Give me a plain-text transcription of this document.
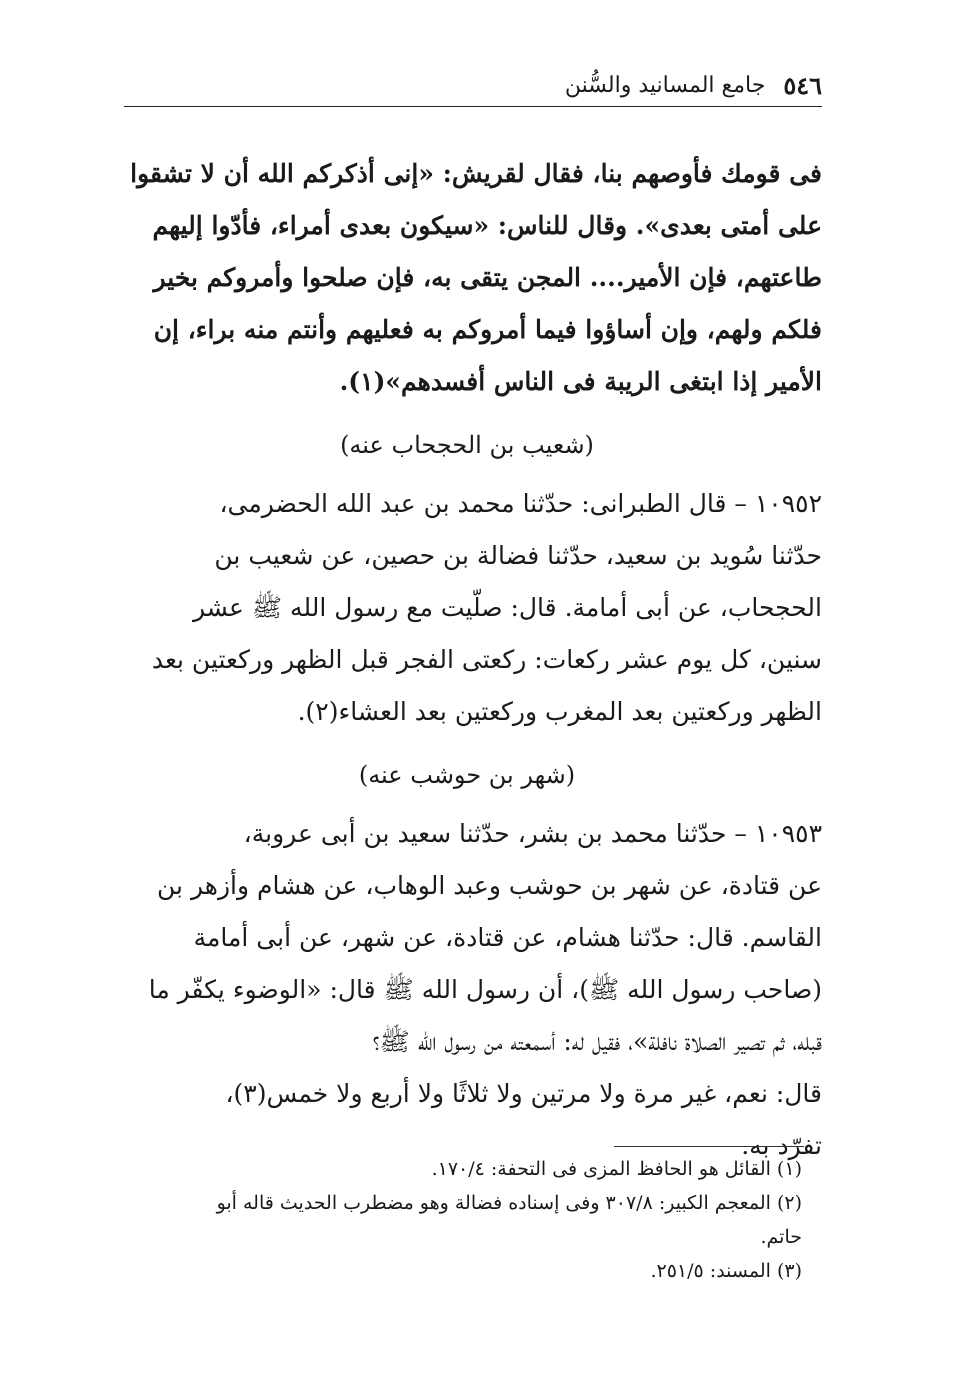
٥٤٦
جامع المسانيد والسُّنن
فى قومك فأوصهم بنا، فقال لقريش: «إنى أذكركم الله أن لا تشقوا
على أمتى بعدى». وقال للناس: «سيكون بعدى أمراء، فأدّوا إليهم
طاعتهم، فإن الأمير.... المجن يتقى به، فإن صلحوا وأمروكم بخير
فلكم ولهم، وإن أساؤوا فيما أمروكم به فعليهم وأنتم منه براء، إن
الأمير إذا ابتغى الريبة فى الناس أفسدهم»(١).
(شعيب بن الحجحاب عنه)
١٠٩٥٢ – قال الطبرانى: حدّثنا محمد بن عبد الله الحضرمى،
حدّثنا سُويد بن سعيد، حدّثنا فضالة بن حصين، عن شعيب بن
الحجحاب، عن أبى أمامة. قال: صلّيت مع رسول الله ﷺ عشر
سنين، كل يوم عشر ركعات: ركعتى الفجر قبل الظهر وركعتين بعد
الظهر وركعتين بعد المغرب وركعتين بعد العشاء(٢).
(شهر بن حوشب عنه)
١٠٩٥٣ – حدّثنا محمد بن بشر، حدّثنا سعيد بن أبى عروبة،
عن قتادة، عن شهر بن حوشب وعبد الوهاب، عن هشام وأزهر بن
القاسم. قال: حدّثنا هشام، عن قتادة، عن شهر، عن أبى أمامة
(صاحب رسول الله ﷺ)، أن رسول الله ﷺ قال: «الوضوء يكفّر ما
قبله، ثم تصير الصلاة نافلة»، فقيل له: أسمعته من رسول الله ﷺ؟
قال: نعم، غير مرة ولا مرتين ولا ثلاثًا ولا أربع ولا خمس(٣)،
تفرّد به.
(١) القائل هو الحافظ المزى فى التحفة: ١٧٠/٤.
(٢) المعجم الكبير: ٣٠٧/٨ وفى إسناده فضالة وهو مضطرب الحديث قاله أبو
حاتم.
(٣) المسند: ٢٥١/٥.
